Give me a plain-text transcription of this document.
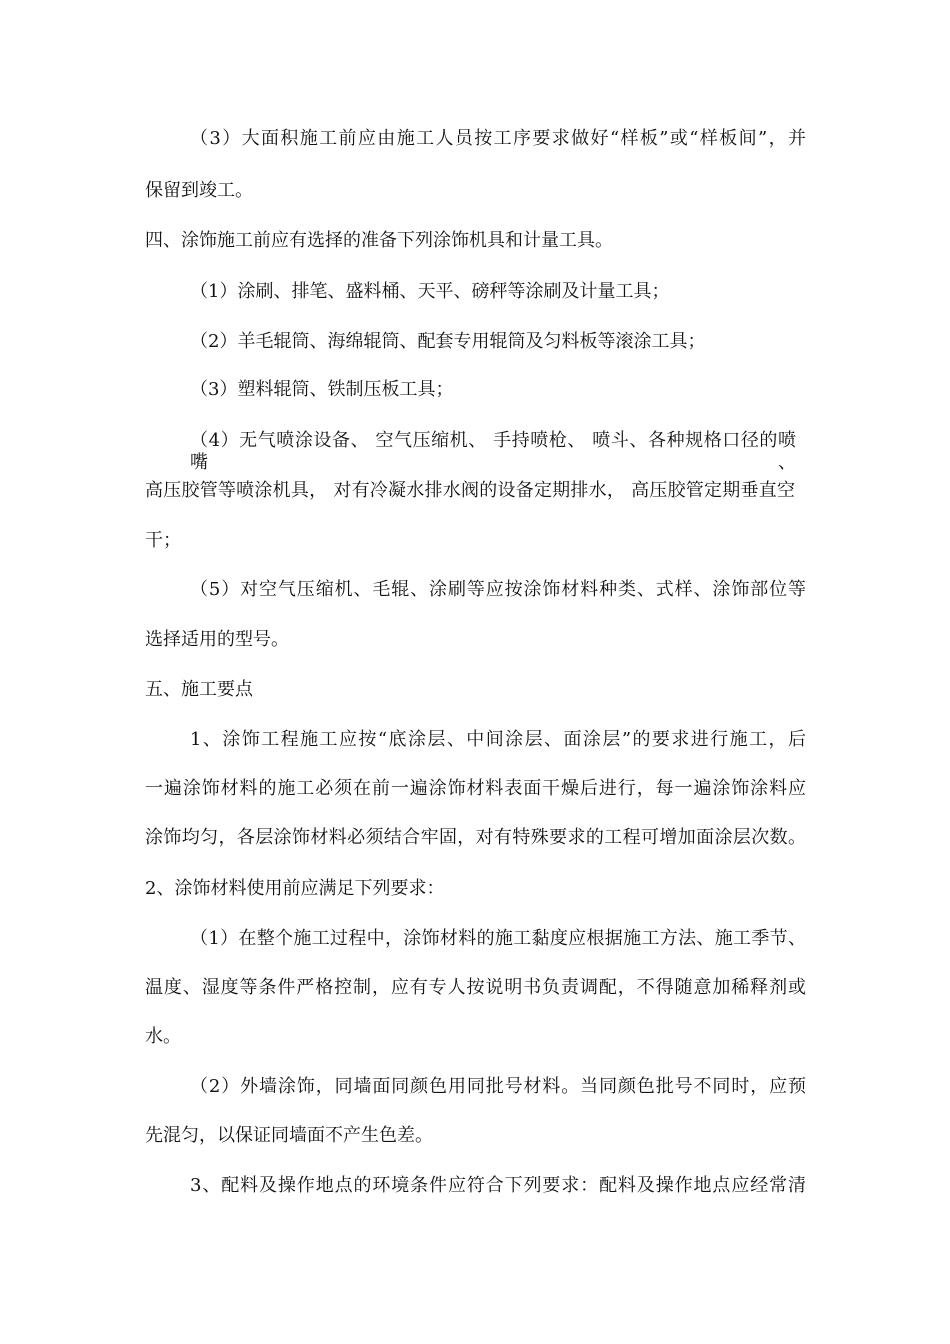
（3）大面积施工前应由施工人员按工序要求做好“样板”或“样板间”，并
保留到竣工。
四、涂饰施工前应有选择的准备下列涂饰机具和计量工具。
（1）涂刷、排笔、盛料桶、天平、磅秤等涂刷及计量工具；
（2）羊毛辊筒、海绵辊筒、配套专用辊筒及匀料板等滚涂工具；
（3）塑料辊筒、铁制压板工具；
（4）无气喷涂设备、 空气压缩机、 手持喷枪、 喷斗、各种规格口径的喷嘴、
高压胶管等喷涂机具， 对有冷凝水排水阀的设备定期排水， 高压胶管定期垂直空
干；
（5）对空气压缩机、毛辊、涂刷等应按涂饰材料种类、式样、涂饰部位等
选择适用的型号。
五、施工要点
1、涂饰工程施工应按“底涂层、中间涂层、面涂层”的要求进行施工，后
一遍涂饰材料的施工必须在前一遍涂饰材料表面干燥后进行，每一遍涂饰涂料应
涂饰均匀，各层涂饰材料必须结合牢固，对有特殊要求的工程可增加面涂层次数。
2、涂饰材料使用前应满足下列要求：
（1）在整个施工过程中，涂饰材料的施工黏度应根据施工方法、施工季节、
温度、湿度等条件严格控制，应有专人按说明书负责调配，不得随意加稀释剂或
水。
（2）外墙涂饰，同墙面同颜色用同批号材料。当同颜色批号不同时，应预
先混匀，以保证同墙面不产生色差。
3、配料及操作地点的环境条件应符合下列要求：配料及操作地点应经常清
